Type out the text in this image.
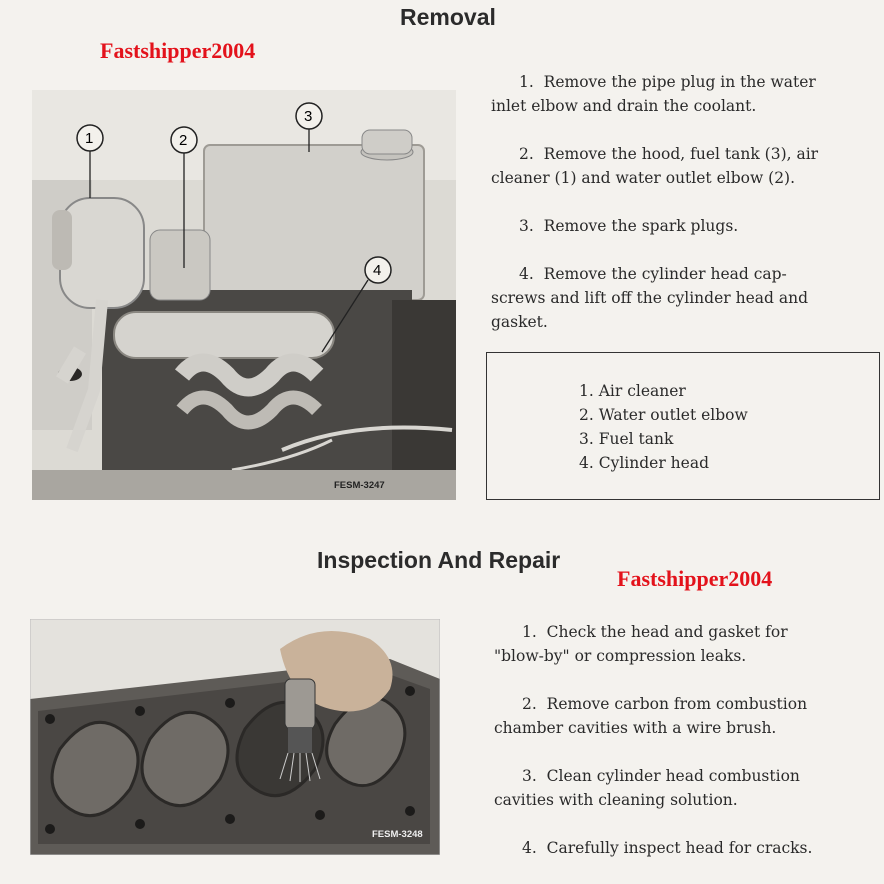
Removal
Fastshipper2004
1	2
3
4
FESM-3247

1. Remove the pipe plug in the water
inlet elbow and drain the coolant.

2. Remove the hood, fuel tank (3), air
cleaner (1) and water outlet elbow (2).

3. Remove the spark plugs.

4. Remove the cylinder head cap-
screws and lift off the cylinder head and
gasket.

1. Air cleaner
2. Water outlet elbow
3. Fuel tank
4. Cylinder head
Inspection And Repair
Fastshipper2004
FESM-3248

1. Check the head and gasket for
"blow-by" or compression leaks.

2. Remove carbon from combustion
chamber cavities with a wire brush.

3. Clean cylinder head combustion
cavities with cleaning solution.

4. Carefully inspect head for cracks.
